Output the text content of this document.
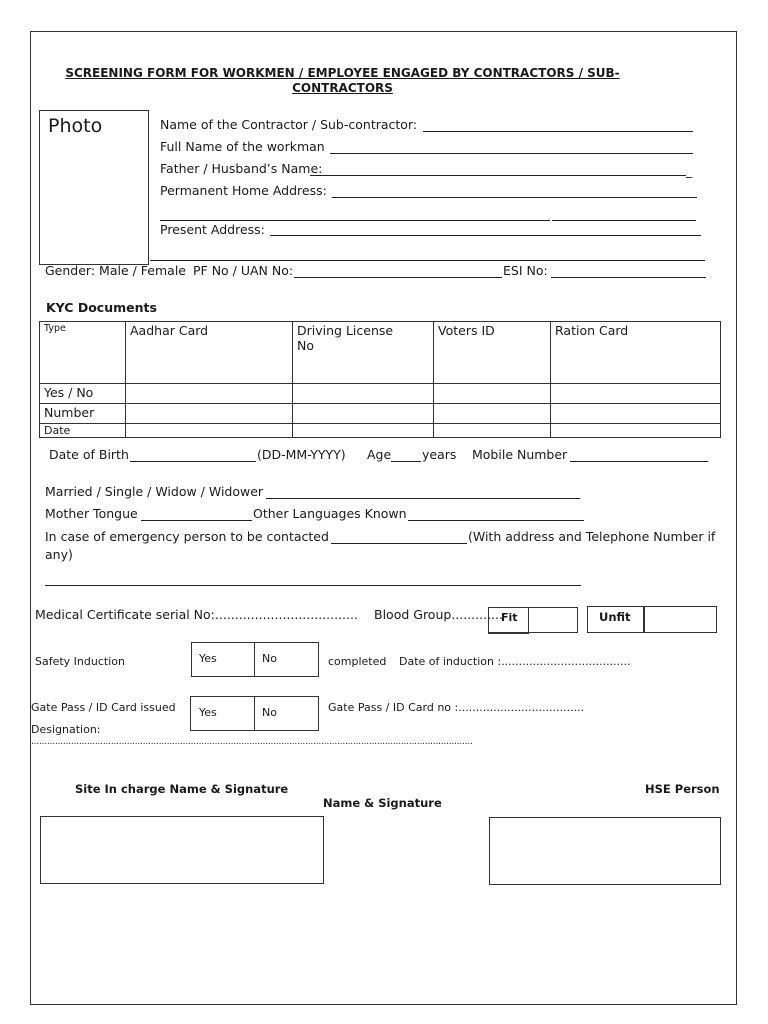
SCREENING FORM FOR WORKMEN / EMPLOYEE ENGAGED BY CONTRACTORS / SUB-
CONTRACTORS
Photo	Name of the Contractor / Sub-contractor:
Full Name of the workman
Father / Husband’s Name:	_
Permanent Home Address:
Present Address:
Gender: Male / Female PF No / UAN No:	ESI No:
KYC Documents
Type	Aadhar Card	Driving License No	Voters ID	Ration Card
Yes / No				
Number				
Date				
Date of Birth	(DD-MM-YYYY) Age years Mobile Number
Married / Single / Widow / Widower
Mother Tongue	Other Languages Known
In case of emergency person to be contacted	(With address and Telephone Number if
any)
Medical Certificate serial No:.................................... Blood Group.............
Fit	Unfit
Safety Induction	Yes	No	completed Date of induction :.....................................
Gate Pass / ID Card issued Yes	No	Gate Pass / ID Card no :....................................
Designation:
......................................................................................................................................................................
Site In charge Name & Signature	HSE Person
Name & Signature
